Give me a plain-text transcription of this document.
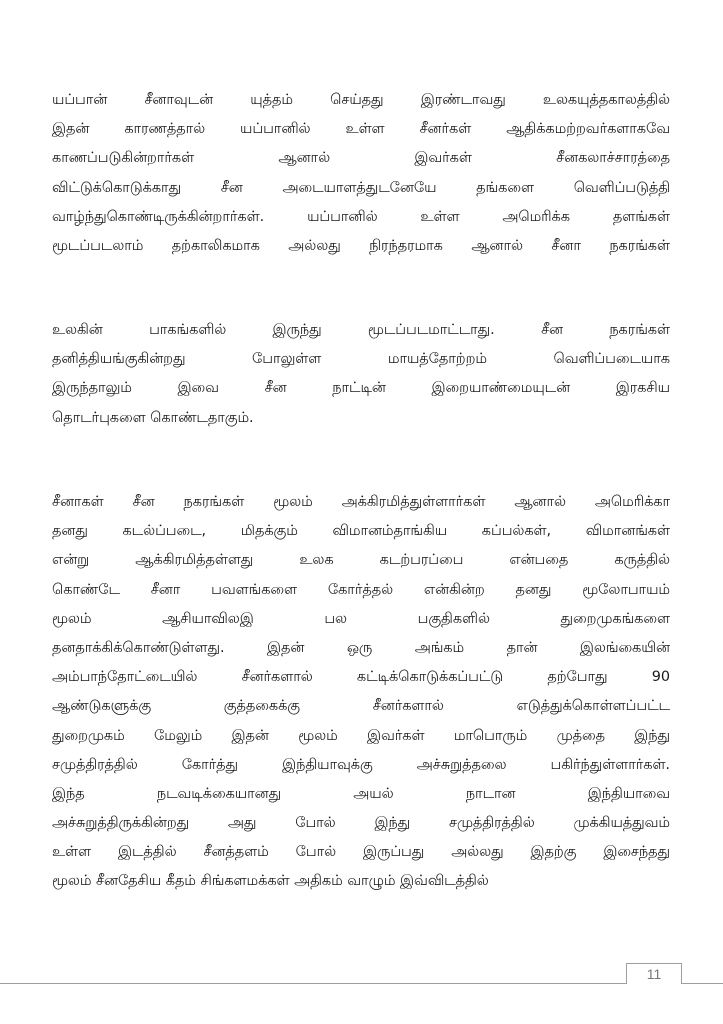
யப்பான் சீனாவுடன் யுத்தம் செய்தது இரண்டாவது உலகயுத்தகாலத்தில்
இதன் காரணத்தால் யப்பானில் உள்ள சீனர்கள் ஆதிக்கமற்றவர்களாகவே
காணப்படுகின்றார்கள் ஆனால் இவர்கள் சீனகலாச்சாரத்தை
விட்டுக்கொடுக்காது சீன அடையாளத்துடனேயே தங்களை வெளிப்படுத்தி
வாழ்ந்துகொண்டிருக்கின்றார்கள். யப்பானில் உள்ள அமெரிக்க தளங்கள்
மூடப்படலாம் தற்காலிகமாக அல்லது நிரந்தரமாக ஆனால் சீனா நகரங்கள்
உலகின் பாகங்களில் இருந்து மூடப்படமாட்டாது. சீன நகரங்கள்
தனித்தியங்குகின்றது போலுள்ள மாயத்தோற்றம் வெளிப்படையாக
இருந்தாலும் இவை சீன நாட்டின் இறையாண்மையுடன் இரகசிய
தொடர்புகளை கொண்டதாகும்.
சீனாகள் சீன நகரங்கள் மூலம் அக்கிரமித்துள்ளார்கள் ஆனால் அமெரிக்கா
தனது கடல்ப்படை, மிதக்கும் விமானம்தாங்கிய கப்பல்கள், விமானங்கள்
என்று ஆக்கிரமித்தள்ளது உலக கடற்பரப்பை என்பதை கருத்தில்
கொண்டே சீனா பவளங்களை கோர்த்தல் என்கின்ற தனது மூலோபாயம்
மூலம் ஆசியாவிலஇ பல பகுதிகளில் துறைமுகங்களை
தனதாக்கிக்கொண்டுள்ளது. இதன் ஒரு அங்கம் தான் இலங்கையின்
அம்பாந்தோட்டையில் சீனர்களால் கட்டிக்கொடுக்கப்பட்டு தற்போது 90
ஆண்டுகளுக்கு குத்தகைக்கு சீனர்களால் எடுத்துக்கொள்ளப்பட்ட
துறைமுகம் மேலும் இதன் மூலம் இவர்கள் மாபொரும் முத்தை இந்து
சமுத்திரத்தில் கோர்த்து இந்தியாவுக்கு அச்சுறுத்தலை பகிர்ந்துள்ளார்கள்.
இந்த நடவடிக்கையானது அயல் நாடான இந்தியாவை
அச்சுறுத்திருக்கின்றது அது போல் இந்து சமுத்திரத்தில் முக்கியத்துவம்
உள்ள இடத்தில் சீனத்தளம் போல் இருப்பது அல்லது இதற்கு இசைந்தது
மூலம் சீனதேசிய கீதம் சிங்களமக்கள் அதிகம் வாழும் இவ்விடத்தில்
11
